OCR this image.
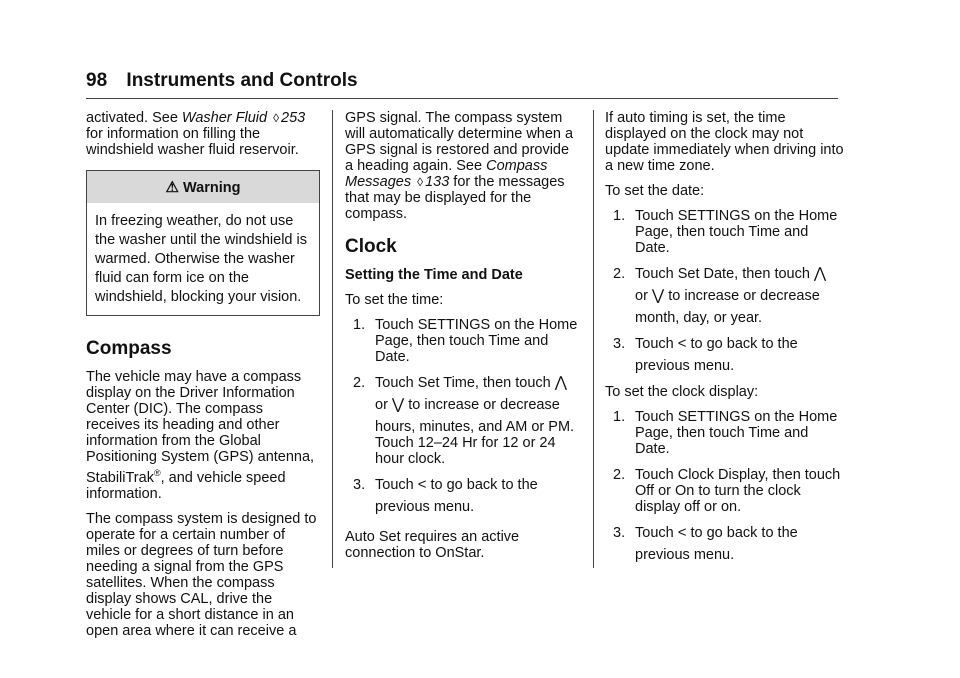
98 Instruments and Controls

activated. See Washer Fluid ◊ 253 for information on filling the windshield washer fluid reservoir.

⚠ Warning
In freezing weather, do not use the washer until the windshield is warmed. Otherwise the washer fluid can form ice on the windshield, blocking your vision.
Compass

The vehicle may have a compass display on the Driver Information Center (DIC). The compass receives its heading and other information from the Global Positioning System (GPS) antenna, StabiliTrak®, and vehicle speed information.

The compass system is designed to operate for a certain number of miles or degrees of turn before needing a signal from the GPS satellites. When the compass display shows CAL, drive the vehicle for a short distance in an open area where it can receive a

GPS signal. The compass system will automatically determine when a GPS signal is restored and provide a heading again. See Compass Messages ◊ 133 for the messages that may be displayed for the compass.

Clock
Setting the Time and Date

To set the time:

1. Touch SETTINGS on the Home Page, then touch Time and Date.
2. Touch Set Time, then touch ⋀
or ⋁ to increase or decrease
hours, minutes, and AM or PM. Touch 12–24 Hr for 12 or 24 hour clock.
3. Touch < to go back to the
previous menu.

Auto Set requires an active connection to OnStar.

If auto timing is set, the time displayed on the clock may not update immediately when driving into a new time zone.

To set the date:

1. Touch SETTINGS on the Home Page, then touch Time and Date.
2. Touch Set Date, then touch ⋀
or ⋁ to increase or decrease
month, day, or year.
3. Touch < to go back to the
previous menu.

To set the clock display:

1. Touch SETTINGS on the Home Page, then touch Time and Date.
2. Touch Clock Display, then touch Off or On to turn the clock display off or on.
3. Touch < to go back to the
previous menu.
